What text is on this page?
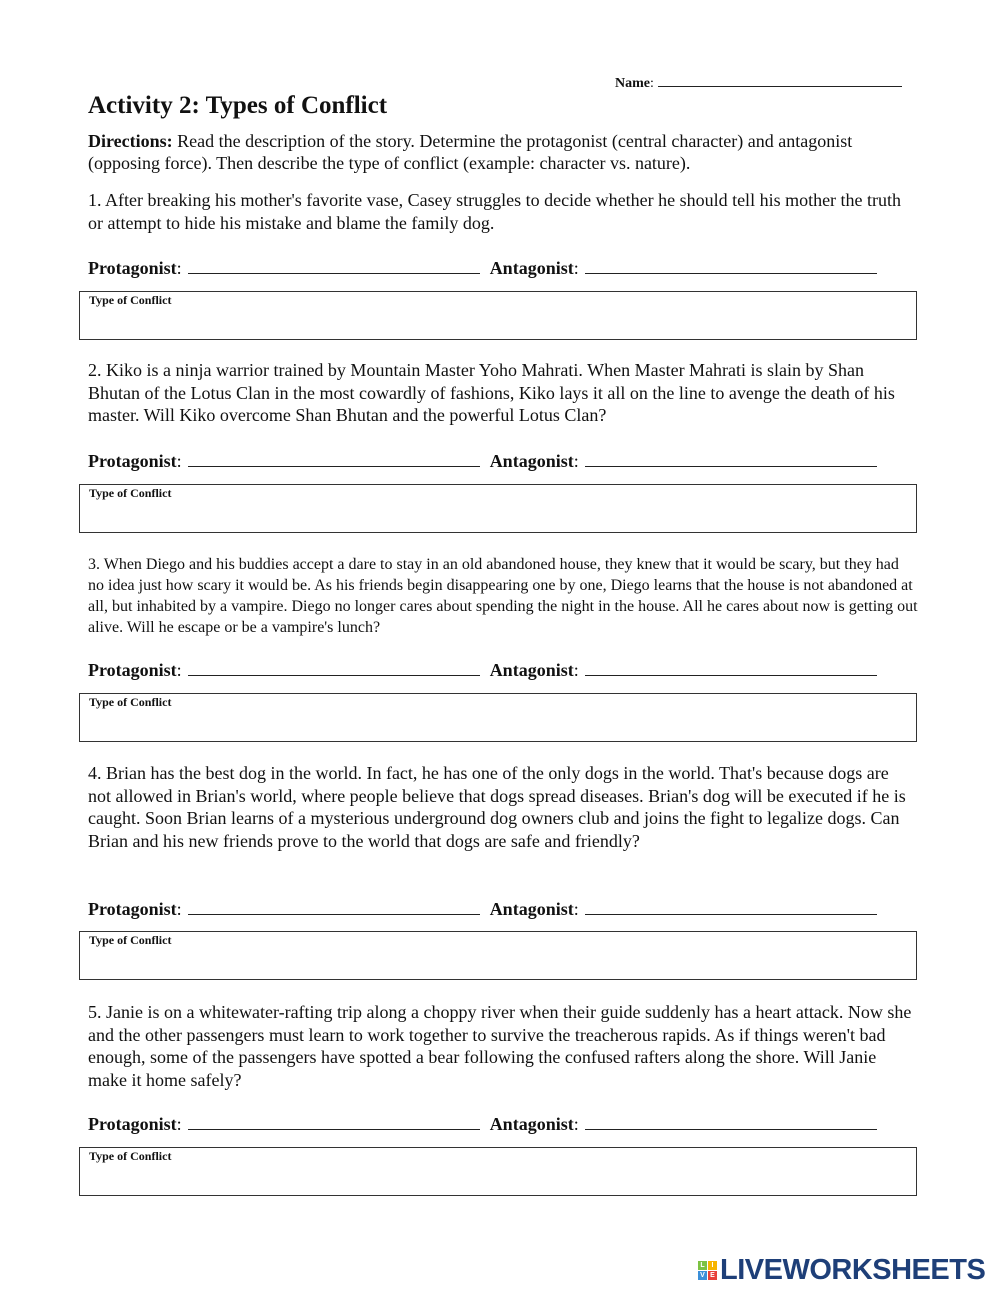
Name:
Activity 2: Types of Conflict
Directions: Read the description of the story. Determine the protagonist (central character) and antagonist (opposing force). Then describe the type of conflict (example: character vs. nature).
1. After breaking his mother's favorite vase, Casey struggles to decide whether he should tell his mother the truth or attempt to hide his mistake and blame the family dog.
Protagonist:	Antagonist:
Type of Conflict
2. Kiko is a ninja warrior trained by Mountain Master Yoho Mahrati. When Master Mahrati is slain by Shan Bhutan of the Lotus Clan in the most cowardly of fashions, Kiko lays it all on the line to avenge the death of his master. Will Kiko overcome Shan Bhutan and the powerful Lotus Clan?
Protagonist:	Antagonist:
Type of Conflict
3. When Diego and his buddies accept a dare to stay in an old abandoned house, they knew that it would be scary, but they had no idea just how scary it would be. As his friends begin disappearing one by one, Diego learns that the house is not abandoned at all, but inhabited by a vampire. Diego no longer cares about spending the night in the house. All he cares about now is getting out alive. Will he escape or be a vampire's lunch?
Protagonist:	Antagonist:
Type of Conflict
4. Brian has the best dog in the world. In fact, he has one of the only dogs in the world. That's because dogs are not allowed in Brian's world, where people believe that dogs spread diseases. Brian's dog will be executed if he is caught. Soon Brian learns of a mysterious underground dog owners club and joins the fight to legalize dogs. Can Brian and his new friends prove to the world that dogs are safe and friendly?
Protagonist:	Antagonist:
Type of Conflict
5. Janie is on a whitewater-rafting trip along a choppy river when their guide suddenly has a heart attack. Now she and the other passengers must learn to work together to survive the treacherous rapids. As if things weren't bad enough, some of the passengers have spotted a bear following the confused rafters along the shore. Will Janie make it home safely?
Protagonist:	Antagonist:
Type of Conflict
L I
V E LIVEWORKSHEETS
